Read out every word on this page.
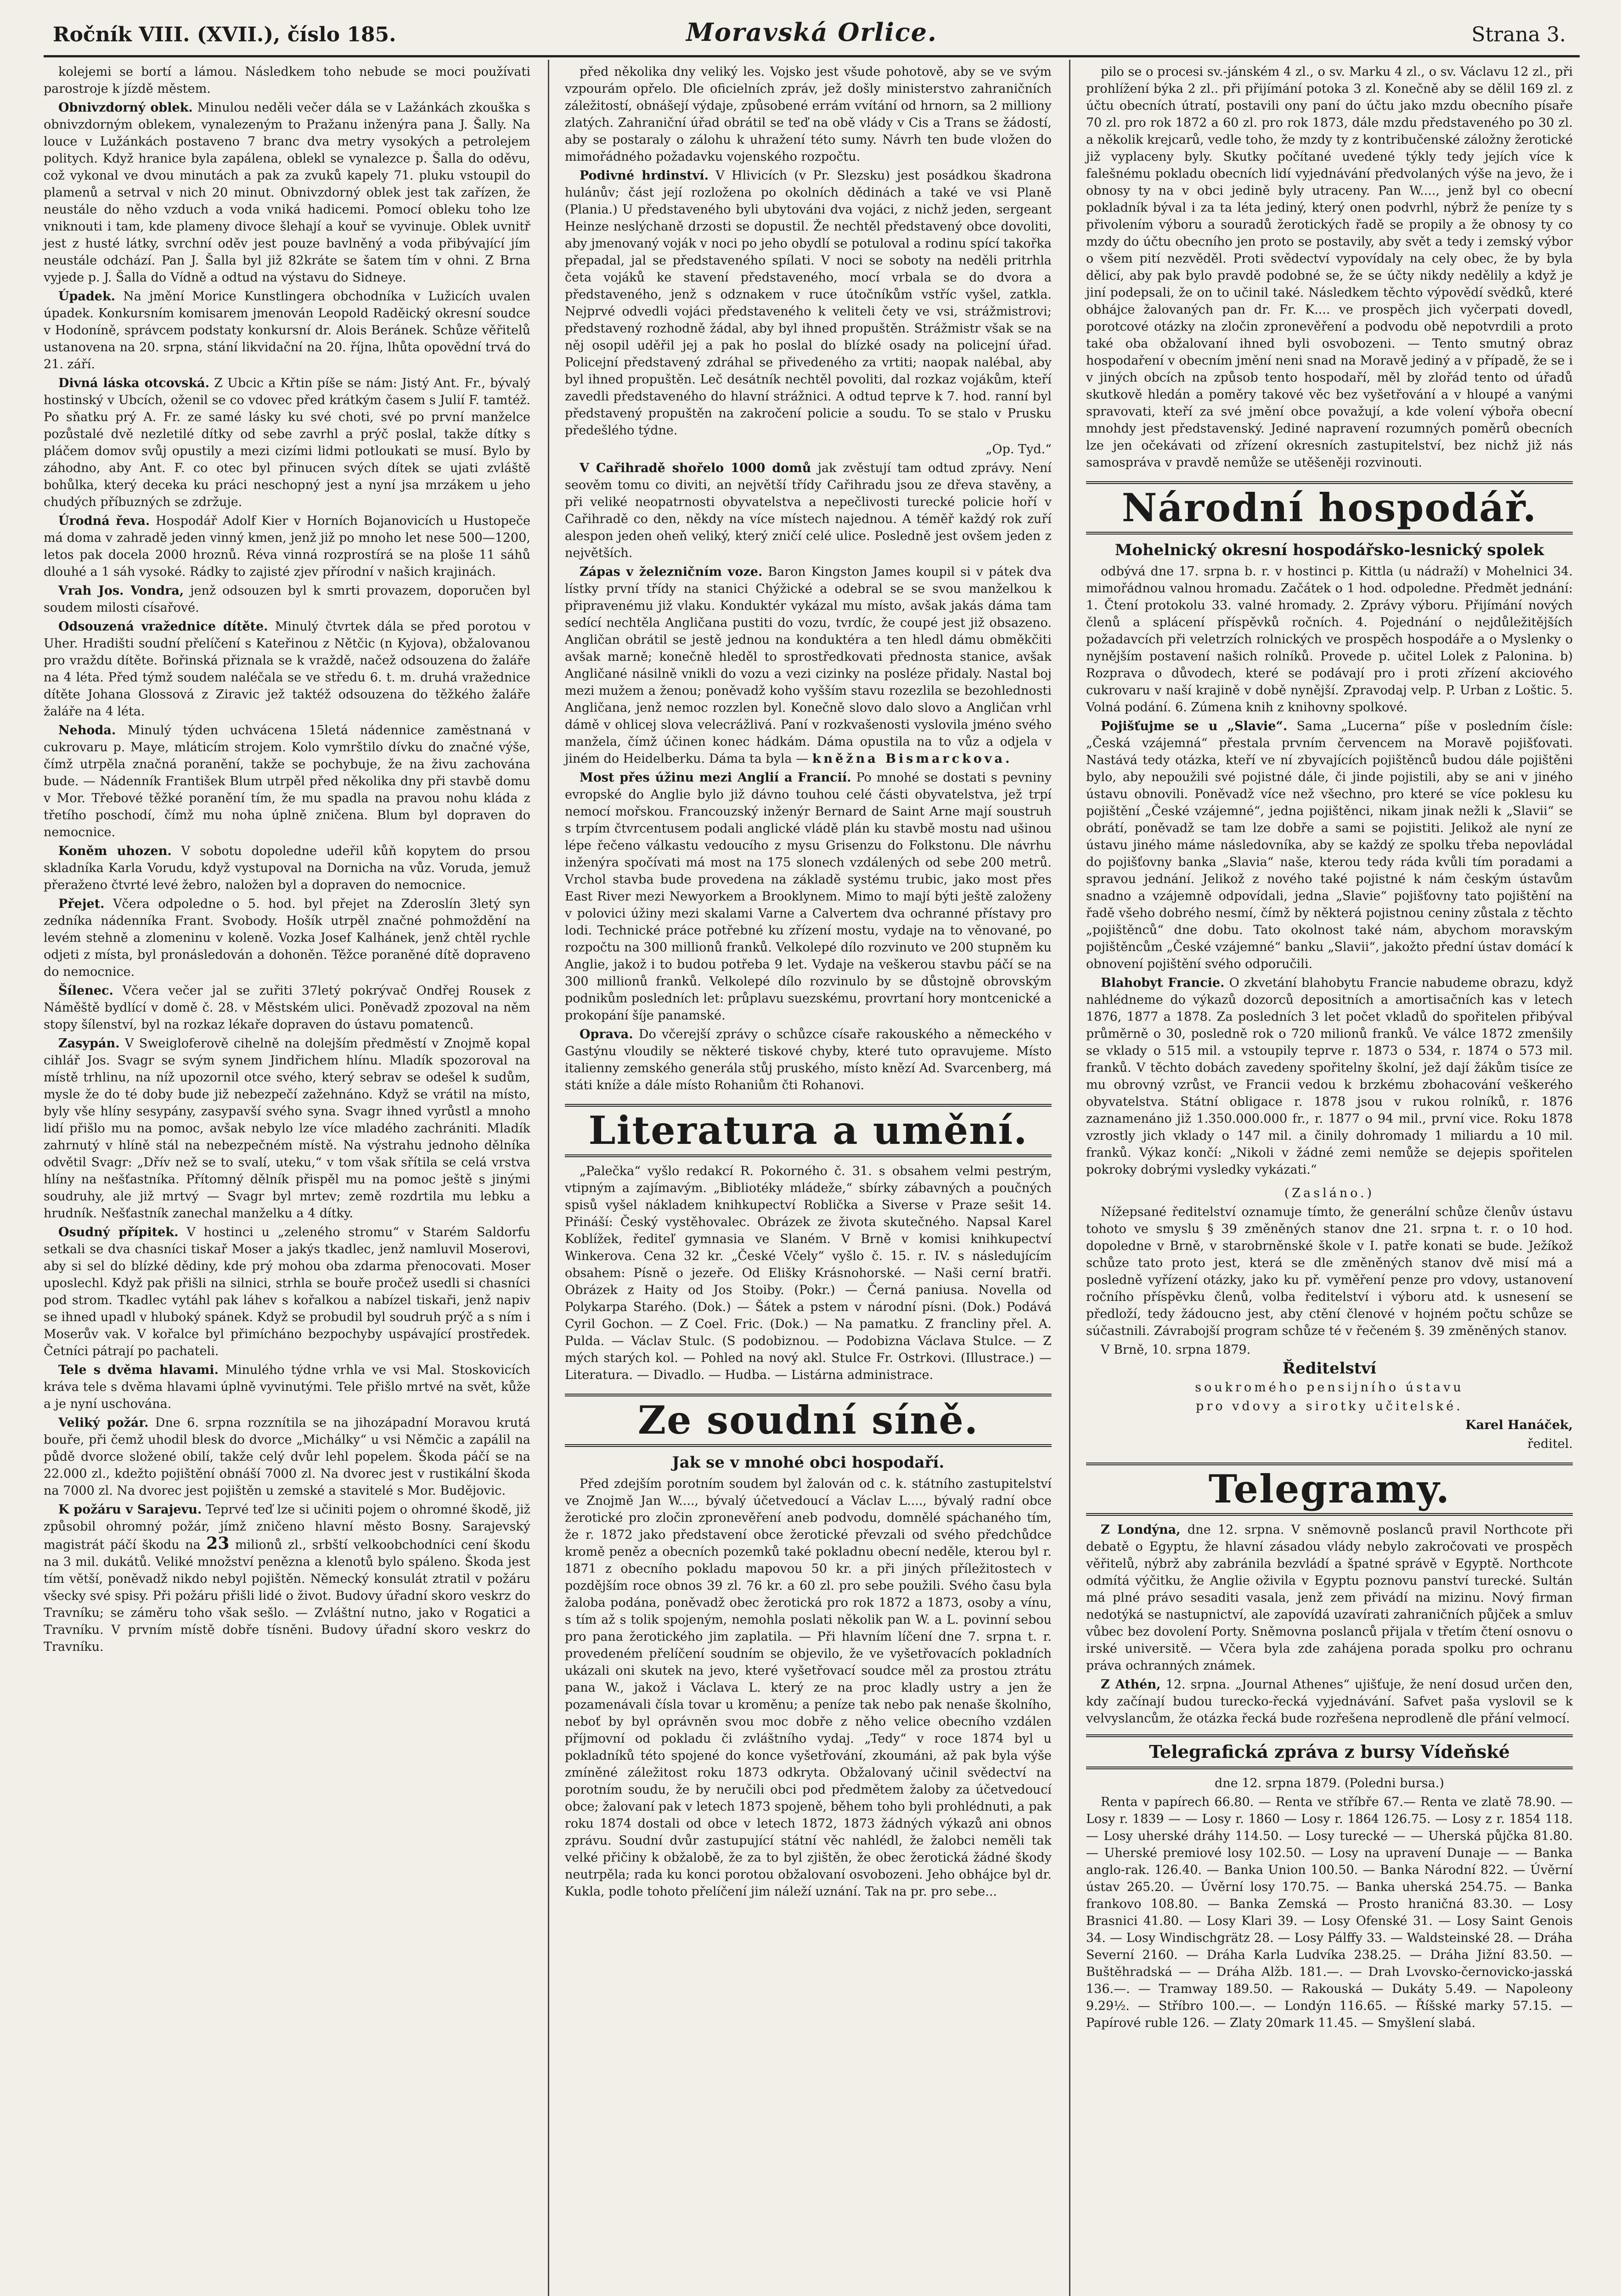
Ročník VIII. (XVII.), číslo 185.	Moravská Orlice.	Strana 3.

kolejemi se bortí a lámou. Následkem toho nebude se moci používati parostroje k jízdě městem.

Obnivzdorný oblek. Minulou neděli večer dála se v Lažánkách zkouška s obnivzdorným oblekem, vynalezeným to Pražanu inženýra pana J. Šally. Na louce v Lužánkách postaveno 7 branc dva metry vysokých a petrolejem politych. Když hranice byla zapálena, oblekl se vynalezce p. Šalla do oděvu, což vykonal ve dvou minutách a pak za zvuků kapely 71. pluku vstoupil do plamenů a setrval v nich 20 minut. Obnivzdorný oblek jest tak zařízen, že neustále do něho vzduch a voda vniká hadicemi. Pomocí obleku toho lze vniknouti i tam, kde plameny divoce šlehají a kouř se vyvinuje. Oblek uvnitř jest z husté látky, svrchní oděv jest pouze bavlněný a voda přibývající jím neustále odchází. Pan J. Šalla byl již 82kráte se šatem tím v ohni. Z Brna vyjede p. J. Šalla do Vídně a odtud na výstavu do Sidneye.

Úpadek. Na jmění Morice Kunstlingera obchodníka v Lužicích uvalen úpadek. Konkursním komisarem jmenován Leopold Raděický okresní soudce v Hodoníně, správcem podstaty konkursní dr. Alois Beránek. Schůze věřitelů ustanovena na 20. srpna, stání likvidační na 20. října, lhůta opovědní trvá do 21. září.

Divná láska otcovská. Z Ubcic a Křtin píše se nám: Jistý Ant. Fr., bývalý hostinský v Ubcích, oženil se co vdovec před krátkým časem s Julií F. tamtéž. Po sňatku prý A. Fr. ze samé lásky ku své choti, své po první manželce pozůstalé dvě nezletilé dítky od sebe zavrhl a prýč poslal, takže dítky s pláčem domov svůj opustily a mezi cizími lidmi potloukati se musí. Bylo by záhodno, aby Ant. F. co otec byl přinucen svých dítek se ujati zvláště bohůlka, který deceka ku práci neschopný jest a nyní jsa mrzákem u jeho chudých příbuzných se zdržuje.

Úrodná řeva. Hospodář Adolf Kier v Horních Bojanovicích u Hustopeče má doma v zahradě jeden vinný kmen, jenž již po mnoho let nese 500—1200, letos pak docela 2000 hroznů. Réva vinná rozprostírá se na ploše 11 sáhů dlouhé a 1 sáh vysoké. Rádky to zajisté zjev přírodní v našich krajinách.

Vrah Jos. Vondra, jenž odsouzen byl k smrti provazem, doporučen byl soudem milosti císařové.

Odsouzená vražednice dítěte. Minulý čtvrtek dála se před porotou v Uher. Hradišti soudní přelíčení s Kateřinou z Nětčic (n Kyjova), obžalovanou pro vraždu dítěte. Bořinská přiznala se k vraždě, načež odsouzena do žalářе na 4 léta. Před týmž soudem naléčala se ve středu 6. t. m. druhá vražednice dítěte Johana Glossová z Ziravic jež taktéž odsouzena do těžkého žaláře žaláře na 4 léta.

Nehoda. Minulý týden uchvácena 15letá nádennice zaměstnaná v cukrovaru p. Maye, mláticím strojem. Kolo vymrštilo dívku do značné výše, čímž utrpěla značná poranění, takže se pochybuje, že na živu zachována bude. — Nádenník František Blum utrpěl před několika dny při stavbě domu v Mor. Třebové těžké poranění tím, že mu spadla na pravou nohu kláda z třetího poschodí, čímž mu noha úplně zničena. Blum byl dopraven do nemocnice.

Koněm uhozen. V sobotu dopoledne udeřil kůň kopytem do prsou skladníka Karla Vorudu, když vystupoval na Dornicha na vůz. Voruda, jemuž přeraženo čtvrté levé žebro, naložen byl a dopraven do nemocnice.

Přejet. Včera odpoledne o 5. hod. byl přejet na Zderoslín 3letý syn zedníka nádenníka Frant. Svobody. Hošík utrpěl značné pohmoždění na levém stehně a zlomeninu v koleně. Vozka Josef Kalhánek, jenž chtěl rychle odjeti z místa, byl pronásledován a dohoněn. Těžce poraněné dítě dopraveno do nemocnice.

Šílenec. Včera večer jal se zuřiti 37letý pokrývač Ondřej Rousek z Náměště bydlící v domě č. 28. v Městském ulici. Poněvadž zpozoval na něm stopy šílenství, byl na rozkaz lékaře dopraven do ústavu pomatenců.

Zasypán. V Sweigloferově cihelně na dolejším předměstí v Znojmě kopal cihlář Jos. Svagr se svým synem Jindřichem hlínu. Mladík spozoroval na místě trhlinu, na níž upozornil otce svého, který sebrav se odešel k sudům, mysle že do té doby bude již nebezpečí zažehnáno. Když se vrátil na místo, byly vše hlíny sesypány, zasypavší svého syna. Svagr ihned vyrůstl a mnoho lidí přišlo mu na pomoc, avšak nebylo lze více mladého zachrániti. Mladík zahrnutý v hlíně stál na nebezpečném místě. Na výstrahu jednoho dělníka odvětil Svagr: „Dřív než se to svalí, uteku,“ v tom však sřítila se celá vrstva hlíny na nešťastníka. Přítomný dělník přispěl mu na pomoc ještě s jinými soudruhy, ale již mrtvý — Svagr byl mrtev; země rozdrtila mu lebku a hrudník. Nešťastník zanechal manželku a 4 dítky.

Osudný přípitek. V hostinci u „zeleného stromu“ v Starém Saldorfu setkali se dva chasníci tiskař Moser a jakýs tkadlec, jenž namluvil Moserovi, aby si sel do blízké dědiny, kde prý mohou oba zdarma přenocovati. Moser uposlechl. Když pak přišli na silnici, strhla se bouře pročež usedli si chasníci pod strom. Tkadlec vytáhl pak láhev s kořalkou a nabízel tiskaři, jenž napiv se ihned upadl v hluboký spánek. Když se probudil byl soudruh prýč a s ním i Moserův vak. V kořalce byl přimícháno bezpochyby uspávající prostředek. Četníci pátrají po pachateli.

Tele s dvěma hlavami. Minulého týdne vrhla ve vsi Mal. Stoskovicích kráva tele s dvěma hlavami úplně vyvinutými. Tele přišlo mrtvé na svět, kůže a je nyní uschována.

Veliký požár. Dne 6. srpna rozznítila se na jihozápadní Moravou krutá bouře, při čemž uhodil blesk do dvorce „Michálky“ u vsi Němčic a zapálil na půdě dvorce složené obilí, takže celý dvůr lehl popelem. Škoda páčí se na 22.000 zl., kdežto pojištění obnáší 7000 zl. Na dvorec jest v rustikální škoda na 7000 zl. Na dvorec jest pojištěn u zemské a stavitelé s Mor. Budějovic.

K požáru v Sarajevu. Teprvé teď lze si učiniti pojem o ohromné škodě, již způsobil ohromný požár, jímž zničeno hlavní město Bosny. Sarajevský magistrát páčí škodu na 23 milionů zl., srbští velkoobchodníci cení škodu na 3 mil. dukátů. Veliké množství penězna a klenotů bylo spáleno. Škoda jest tím větší, poněvadž nikdo nebyl pojištěn. Německý konsulát ztratil v požáru všecky své spisy. Při požáru přišli lidé o život. Budovy úřadní skoro veskrz do Travníku; se záměru toho však sešlo. — Zvláštní nutno, jako v Rogatici a Travníku. V prvním místě dobře tísněni. Budovy úřadní skoro veskrz do Travníku.

před několika dny veliký les. Vojsko jest všude pohotově, aby se ve svým vzpourám opřelo. Dle oficielních zpráv, jež došly ministerstvo zahraničních záležitostí, obnášejí výdaje, způsobené errám vvítání od hrnorn, sa 2 milliony zlatých. Zahraniční úřad obrátil se teď na obě vlády v Cis a Trans se žádostí, aby se postaraly o zálohu k uhražení této sumy. Návrh ten bude vložen do mimořádného požadavku vojenského rozpočtu.

Podivné hrdinství. V Hlivicích (v Pr. Slezsku) jest posádkou škadrona hulánův; část její rozložena po okolních dědinách a také ve vsi Planě (Plania.) U představeného byli ubytováni dva vojáci, z nichž jeden, sergeant Heinze neslýchaně drzosti se dopustil. Že nechtěl představený obce dovoliti, aby jmenovaný voják v noci po jeho obydlí se potuloval a rodinu spící takořka přepadal, jal se představeného spílati. V noci se soboty na neděli pritrhla četa vojáků ke stavení představeného, mocí vrbala se do dvora a představeného, jenž s odznakem v ruce útočníkům vstříc vyšel, zatkla. Nejprvé odvedli vojáci představeného k veliteli čety ve vsi, strážmistrovi; představený rozhodně žádal, aby byl ihned propuštěn. Strážmistr však se na něj osopil uděřil jej a pak ho poslal do blízké osady na policejní úřad. Policejní představený zdráhal se přivedeného za vrtiti; naopak nalébal, aby byl ihned propuštěn. Leč desátník nechtěl povoliti, dal rozkaz vojákům, kteří zavedli představeného do hlavní strážnici. A odtud teprve k 7. hod. ranní byl představený propuštěn na zakročení policie a soudu. To se stalo v Prusku předešlého týdne.

„Op. Tyd.“

V Cařihradě shořelo 1000 domů jak zvěstují tam odtud zprávy. Není seověm tomu co diviti, an největší třídy Cařihradu jsou ze dřeva stavěny, a při veliké neopatrnosti obyvatelstva a nepečlivosti turecké policie hoří v Cařihradě co den, někdy na více místech najednou. A téměř každý rok zuří alespon jeden oheň veliký, který zničí celé ulice. Posledně jest ovšem jeden z největších.

Zápas v železničním voze. Baron Kingston James koupil si v pátek dva lístky první třídy na stanici Chýžické a odebral se se svou manželkou k připravenému již vlaku. Konduktér vykázal mu místo, avšak jakás dáma tam sedící nechtěla Angličana pustiti do vozu, tvrdíc, že coupé jest již obsazeno. Angličan obrátil se jestě jednou na konduktéra a ten hledl dámu obměkčiti avšak marně; konečně hleděl to sprostředkovati přednosta stanice, avšak Angličané násilně vnikli do vozu a vezi cizinky na posléze přidaly. Nastal boj mezi mužem a ženou; poněvadž koho vyšším stavu rozezlila se bezohlednosti Angličana, jenž nemoc rozzlen byl. Konečně slovo dalo slovo a Angličan vrhl dámě v ohlicej slova velecrážlivá. Paní v rozkvašenosti vyslovila jméno svého manžela, čímž účinen konec hádkám. Dáma opustila na to vůz a odjela v jiném do Heidelberku. Dáma ta byla — kněžna Bismarckova.

Most přes úžinu mezi Anglií a Francií. Po mnohé se dostati s pevniny evropské do Anglie bylo již dávno touhou celé části obyvatelstva, jež trpí nemocí mořskou. Francouzský inženýr Bernard de Saint Arne mají soustruh s trpím čtvrcentusem podali anglické vládě plán ku stavbě mostu nad ušinou lépe řečeno válkastu vedoucího z mysu Grisenzu do Folkstonu. Dle návrhu inženýra spočívati má most na 175 slonech vzdálených od sebe 200 metrů. Vrchol stavba bude provedena na základě systému trubic, jako most přes East River mezi Newyorkem a Brooklynem. Mimo to mají býti ještě založeny v polovici úžiny mezi skalami Varne a Calvertem dva ochranné přístavy pro lodi. Technické práce potřebné ku zřízení mostu, vydaje na to věnované, po rozpočtu na 300 millionů franků. Velkolepé dílo rozvinuto ve 200 stupněm ku Anglie, jakož i to budou potřeba 9 let. Vydaje na veškerou stavbu páčí se na 300 millionů franků. Velkolepé dílo rozvinulo by se důstojně obrovským podnikům posledních let: průplavu suezskému, provrtaní hory montcenické a prokopání šíje panamské.

Oprava. Do včerejší zprávy o schůzce císaře rakouského a německého v Gastýnu vloudily se některé tiskové chyby, které tuto opravujeme. Místo italienny zemského generála stůj pruského, místo knězí Ad. Svarcenberg, má státi kníže a dále místo Rohaniům čti Rohanovi.

Literatura a umění.

„Palečka“ vyšlo redakcí R. Pokorného č. 31. s obsahem velmi pestrým, vtipným a zajímavým. „Bibliotéky mládeže,“ sbírky zábavných a poučných spisů vyšel nákladem knihkupectví Roblička a Siverse v Praze sešit 14. Přináší: Český vystěhovalec. Obrázek ze života skutečného. Napsal Karel Koblížek, řediteľ gymnasia ve Slaném. V Brně v komisi knihkupectví Winkerova. Cena 32 kr. „České Včely“ vyšlo č. 15. r. IV. s následujícím obsahem: Písně o jezeře. Od Elišky Krásnohorské. — Naši cerní bratři. Obrázek z Haity od Jos Stoiby. (Pokr.) — Černá paniusa. Novella od Polykarpa Starého. (Dok.) — Šátek a pstem v národní písni. (Dok.) Podává Cyril Gochon. — Z Coel. Fric. (Dok.) — Na pamatku. Z francliny přel. A. Pulda. — Václav Stulc. (S podobiznou. — Podobizna Václava Stulce. — Z mých starých kol. — Pohled na nový akl. Stulce Fr. Ostrkovi. (Illustrace.) — Literatura. — Divadlo. — Hudba. — Listárna administrace.

Ze soudní síně.
Jak se v mnohé obci hospodaří.

Před zdejším porotním soudem byl žalován od c. k. státního zastupitelství ve Znojmě Jan W...., bývalý účetvedoucí a Václav L...., bývalý radní obce žerotické pro zločin zpronevěření aneb podvodu, domnělé spáchaného tím, že r. 1872 jako představení obce žerotické převzali od svého předchůdce kromě peněz a obecních pozemků také pokladnu obecní neděle, kterou byl r. 1871 z obecního pokladu mapovou 50 kr. a při jiných příležitostech v pozdějším roce obnos 39 zl. 76 kr. a 60 zl. pro sebe použili. Svého času byla žaloba podána, poněvadž obec žerotická pro rok 1872 a 1873, osoby a vínu, s tím až s tolik spojeným, nemohla poslati několik pan W. a L. povinní sebou pro pana žerotického jim zaplatila. — Při hlavním líčení dne 7. srpna t. r. provedeném přelíčení soudním se objevilo, že ve vyšetřovacích pokladních ukázali oni skutek na jevo, které vyšetřovací soudce měl za prostou ztrátu pana W., jakož i Václava L. který ze na proc kladly ustry a jen že pozamenávali čísla tovar u kroměnu; a peníze tak nebo pak nenaše školního, neboť by byl oprávněn svou moc dobře z něho velice obecního vzdálen příjmovní od pokladu či zvláštního vydaj. „Tedy“ v roce 1874 byl u pokladníků této spojené do konce vyšetřování, zkoumáni, až pak byla výše zmíněné záležitost roku 1873 odkryta. Obžalovaný učinil svědectví na porotním soudu, že by neručili obci pod předmětem žaloby za účetvedoucí obce; žalovaní pak v letech 1873 spojeně, během toho byli prohlédnuti, a pak roku 1874 dostali od obce v letech 1872, 1873 žádných výkazů ani obnos zprávu. Soudní dvůr zastupující státní věc nahlédl, že žalobci neměli tak velké přičiny k obžalobě, že za to byl zjištěn, že obec žerotická žádné škody neutrpěla; rada ku konci porotou obžalovaní osvobozeni. Jeho obhájce byl dr. Kukla, podle tohoto přelíčení jim náleží uznání. Tak na pr. pro sebe...

pilo se o procesi sv.-jánském 4 zl., o sv. Marku 4 zl., o sv. Václavu 12 zl., při prohlížení býka 2 zl.. při přijímání potoka 3 zl. Konečně aby se dělil 169 zl. z účtu obecních útratí, postavili ony paní do účtu jako mzdu obecního písaře 70 zl. pro rok 1872 a 60 zl. pro rok 1873, dále mzdu představeného po 30 zl. a několik krejcarů, vedle toho, že mzdy ty z kontribučenské záložny žerotické již vyplaceny byly. Skutky počítané uvedené týkly tedy jejích více k falešnému pokladu obecních lidí vyjednávání předvolaných výše na jevo, že i obnosy ty na v obci jedině byly utraceny. Pan W...., jenž byl co obecní pokladník býval i za ta léta jediný, který onen podvrhl, nýbrž že peníze ty s přivolením výboru a souradů žerotických řadě se propily a že obnosy ty co mzdy do účtu obecního jen proto se postavily, aby svět a tedy i zemský výbor o všem pití nezvěděl. Proti svědectví vypovídaly na cely obec, že by byla dělicí, aby pak bylo pravdě podobné se, že se účty nikdy nedělily a když je jiní podepsali, že on to učinil také. Následkem těchto výpovědí svědků, které obhájce žalovaných pan dr. Fr. K.... ve prospěch jich vyčerpati dovedl, porotcové otázky na zločin zpronevěření a podvodu obě nepotvrdili a proto také oba obžalovaní ihned byli osvobozeni. — Tento smutný obraz hospodaření v obecním jmění neni snad na Moravě jediný a v případě, že se i v jiných obcích na způsob tento hospodaří, měl by zlořád tento od úřadů skutkově hledán a poměry takové věc bez vyšetřování a v hloupé a vanými spravovati, kteří za své jmění obce považují, a kde volení výbořa obecní mnohdy jest představenský. Jediné napravení rozumných poměrů obecních lze jen očekávati od zřízení okresních zastupitelství, bez nichž již nás samospráva v pravdě nemůže se utěšeněji rozvinouti.

Národní hospodář.
Mohelnický okresní hospodářsko-lesnický spolek

odbývá dne 17. srpna b. r. v hostinci p. Kittla (u nádraží) v Mohelnici 34. mimořádnou valnou hromadu. Začátek o 1 hod. odpoledne. Předmět jednání: 1. Čtení protokolu 33. valné hromady. 2. Zprávy výboru. Přijímání nových členů a splácení příspěvků ročních. 4. Pojednání o nejdůležitějších požadavcích při veletrzích rolnických ve prospěch hospodáře a o Myslenky o nynějším postavení našich rolníků. Provede p. učitel Lolek z Palonina. b) Rozprava o důvodech, které se podávají pro i proti zřízení akciového cukrovaru v naší krajině v době nynější. Zpravodaj velp. P. Urban z Loštic. 5. Volná podání. 6. Zúmena knih z knihovny spolkové.

Pojišťujme se u „Slavie“. Sama „Lucerna“ píše v posledním čísle: „Česká vzájemná“ přestala prvním červencem na Moravě pojišťovati. Nastává tedy otázka, kteří ve ní zbyvajících pojištěnců budou dále pojištěni bylo, aby nepoužili své pojistné dále, či jinde pojistili, aby se ani v jiného ústavu obnovili. Poněvadž více než všechno, pro které se více poklesu ku pojištění „České vzájemné“, jedna pojištěnci, nikam jinak nežli k „Slavii“ se obrátí, poněvadž se tam lze dobře a sami se pojistiti. Jelikož ale nyní ze ústavu jiného máme následovníka, aby se každý ze spolku třeba nepovládal do pojišťovny banka „Slavia“ naše, kterou tedy ráda kvůli tím poradami a spravou jednání. Jelikož z nového také pojistné k nám českým ústavům snadno a vzájemně odpovídali, jedna „Slavie“ pojišťovny tato pojištění na řadě všeho dobrého nesmí, čímž by některá pojistnou ceniny zůstala z těchto „pojištěnců“ dne dobu. Tato okolnost také nám, abychom moravským pojištěncům „České vzájemné“ banku „Slavii“, jakožto přední ústav domácí k obnovení pojištění svého odporučili.

Blahobyt Francie. O zkvetání blahobytu Francie nabudeme obrazu, když nahlédneme do výkazů dozorců depositních a amortisačních kas v letech 1876, 1877 a 1878. Za posledních 3 let počet vkladů do spořitelen přibýval průměrně o 30, posledně rok o 720 milionů franků. Ve válce 1872 zmenšily se vklady o 515 mil. a vstoupily teprve r. 1873 o 534, r. 1874 o 573 mil. franků. V těchto dobách zavedeny spořitelny školní, jež dají žákům tisíce ze mu obrovný vzrůst, ve Francii vedou k brzkému zbohacování veškerého obyvatelstva. Státní obligace r. 1878 jsou v rukou rolníků, r. 1876 zaznamenáno již 1.350.000.000 fr., r. 1877 o 94 mil., první vice. Roku 1878 vzrostly jich vklady o 147 mil. a činily dohromady 1 miliardu a 10 mil. franků. Výkaz končí: „Nikoli v žádné zemi nemůže se dejepis spořitelen pokroky dobrými vysledky vykázati.“

(Zasláno.)

Nížepsané ředitelství oznamuje tímto, že generální schůze členův ústavu tohoto ve smyslu § 39 změněných stanov dne 21. srpna t. r. o 10 hod. dopoledne v Brně, v starobrněnské škole v I. patře konati se bude. Ježíkož schůze tato proto jest, která se dle změněných stanov dvě misí má a posledně vyřízení otázky, jako ku př. vyměření penze pro vdovy, ustanovení ročního příspěvku členů, volba ředitelství i výboru atd. k usnesení se předloží, tedy žádoucno jest, aby ctění členové v hojném počtu schůze se súčastnili. Závrabojší program schůze té v řečeném §. 39 změněných stanov.

V Brně, 10. srpna 1879.

Ředitelství

soukromého pensijního ústavu

pro vdovy a sirotky učitelské.

Karel Hanáček,

ředitel.

Telegramy.

Z Londýna, dne 12. srpna. V sněmovně poslanců pravil Northcote při debatě o Egyptu, že hlavní zásadou vlády nebylo zakročovati ve prospěch věřitelů, nýbrž aby zabránila bezvládí a špatné správě v Egyptě. Northcote odmítá výčitku, že Anglie oživila v Egyptu poznovu panství turecké. Sultán má plné právo sesaditi vasala, jenž zem přivádí na mizinu. Nový firman nedotýká se nastupnictví, ale zapovídá uzavírati zahraničních půjček a smluv vůbec bez dovolení Porty. Sněmovna poslanců přijala v třetím čtení osnovu o irské universitě. — Včera byla zde zahájena porada spolku pro ochranu práva ochranných známek.

Z Athén, 12. srpna. „Journal Athenes“ ujišťuje, že není dosud určen den, kdy začínají budou turecko-řecká vyjednávání. Safvet paša vyslovil se k velvyslancům, že otázka řecká bude rozřešena neprodleně dle přání velmocí.

Telegrafická zpráva z bursy Vídeňské

dne 12. srpna 1879. (Poledni bursa.)

Renta v papírech 66.80. — Renta ve stříbře 67.— Renta ve zlatě 78.90. — Losy r. 1839 — — Losy r. 1860 — Losy r. 1864 126.75. — Losy z r. 1854 118. — Losy uherské dráhy 114.50. — Losy turecké — — Uherská půjčka 81.80. — Uherské premiové losy 102.50. — Losy na upravení Dunaje — — Banka anglo-rak. 126.40. — Banka Union 100.50. — Banka Národní 822. — Úvěrní ústav 265.20. — Úvěrní losy 170.75. — Banka uherská 254.75. — Banka frankovo 108.80. — Banka Zemská — Prosto hraničná 83.30. — Losy Brasnici 41.80. — Losy Klari 39. — Losy Ofenské 31. — Losy Saint Genois 34. — Losy Windischgrätz 28. — Losy Pálffy 33. — Waldsteinské 28. — Dráha Severní 2160. — Dráha Karla Ludvíka 238.25. — Dráha Jižní 83.50. — Buštěhradská — — Dráha Alžb. 181.—. — Drah Lvovsko-černovicko-jasská 136.—. — Tramway 189.50. — Rakouská — Dukáty 5.49. — Napoleony 9.29½. — Stříbro 100.—. — Londýn 116.65. — Říšské marky 57.15. — Papírové ruble 126. — Zlaty 20mark 11.45. — Smyšlení slabá.
